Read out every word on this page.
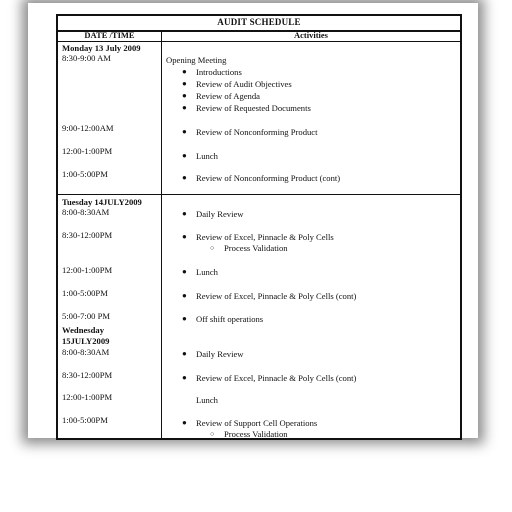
AUDIT SCHEDULE
DATE /TIME	Activities
Monday 13 July 2009
8:30-9:00 AM	Opening Meeting
● Introductions
● Review of Audit Objectives
● Review of Agenda
● Review of Requested Documents
9:00-12:00AM	● Review of Nonconforming Product
12:00-1:00PM	● Lunch
1:00-5:00PM	● Review of Nonconforming Product (cont)
Tuesday 14JULY2009
8:00-8:30AM	● Daily Review
8:30-12:00PM	● Review of Excel, Pinnacle & Poly Cells
○ Process Validation
12:00-1:00PM	● Lunch
1:00-5:00PM	● Review of Excel, Pinnacle & Poly Cells (cont)
5:00-7:00 PM	● Off shift operations
Wednesday
15JULY2009
8:00-8:30AM	● Daily Review
8:30-12:00PM	● Review of Excel, Pinnacle & Poly Cells (cont)
12:00-1:00PM	Lunch
1:00-5:00PM	● Review of Support Cell Operations
○ Process Validation
